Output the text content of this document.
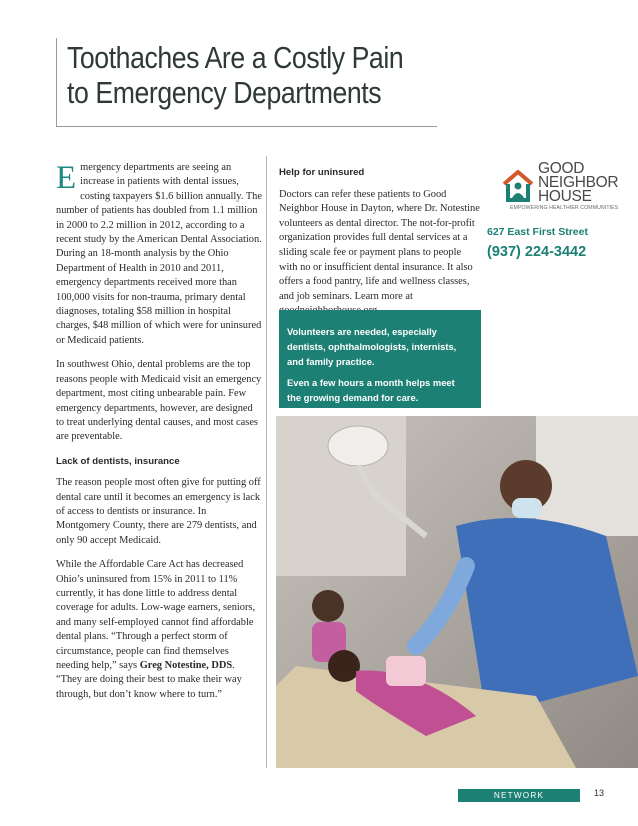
Toothaches Are a Costly Pain
to Emergency Departments

Emergency departments are seeing an increase in patients with dental issues, costing taxpayers $1.6 billion annually. The number of patients has doubled from 1.1 million in 2000 to 2.2 million in 2012, according to a recent study by the American Dental Association. During an 18-month analysis by the Ohio Department of Health in 2010 and 2011, emergency departments received more than 100,000 visits for non-trauma, primary dental diagnoses, totaling $58 million in hospital charges, $48 million of which were for uninsured or Medicaid patients.

In southwest Ohio, dental problems are the top reasons people with Medicaid visit an emergency department, most citing unbearable pain. Few emergency departments, however, are designed to treat underlying dental causes, and most cases are preventable.

Lack of dentists, insurance

The reason people most often give for putting off dental care until it becomes an emergency is lack of access to dentists or insurance. In Montgomery County, there are 279 dentists, and only 90 accept Medicaid.

While the Affordable Care Act has decreased Ohio’s uninsured from 15% in 2011 to 11% currently, it has done little to address dental coverage for adults. Low-wage earners, seniors, and many self-employed cannot find affordable dental plans. “Through a perfect storm of circumstance, people can find themselves needing help,” says Greg Notestine, DDS. “They are doing their best to make their way through, but don’t know where to turn.”

Help for uninsured

Doctors can refer these patients to Good Neighbor House in Dayton, where Dr. Notestine volunteers as dental director. The not-for-profit organization provides full dental services at a sliding scale fee or payment plans to people with no or insufficient dental insurance. It also offers a food pantry, life and wellness classes, and job seminars. Learn more at

Volunteers are needed, especially dentists, ophthalmologists, internists, and family practice.

Even a few hours a month helps meet the growing demand for care.

GOOD
NEIGHBOR
HOUSE
EMPOWERING HEALTHIER COMMUNITIES
627 East First Street
(937) 224-3442
NETWORK	13
